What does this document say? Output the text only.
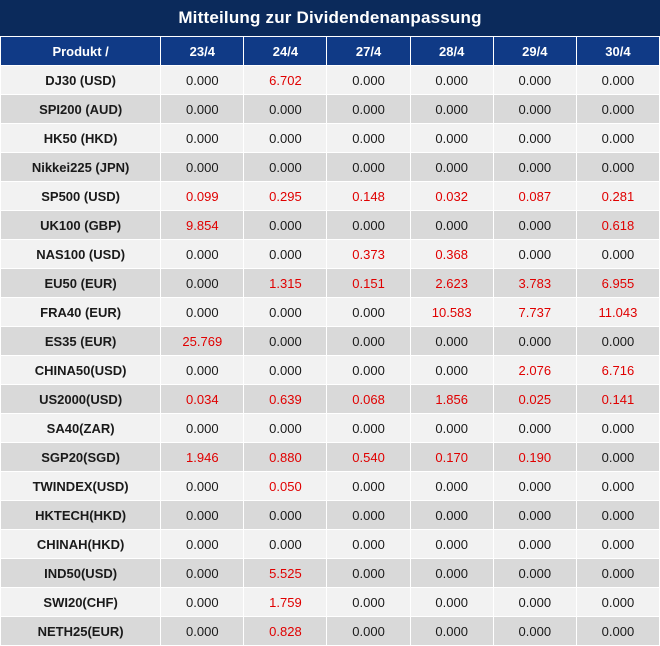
Mitteilung zur Dividendenanpassung
Produkt /	23/4	24/4	27/4	28/4	29/4	30/4
DJ30 (USD)	0.000	6.702	0.000	0.000	0.000	0.000
SPI200 (AUD)	0.000	0.000	0.000	0.000	0.000	0.000
HK50 (HKD)	0.000	0.000	0.000	0.000	0.000	0.000
Nikkei225 (JPN)	0.000	0.000	0.000	0.000	0.000	0.000
SP500 (USD)	0.099	0.295	0.148	0.032	0.087	0.281
UK100 (GBP)	9.854	0.000	0.000	0.000	0.000	0.618
NAS100 (USD)	0.000	0.000	0.373	0.368	0.000	0.000
EU50 (EUR)	0.000	1.315	0.151	2.623	3.783	6.955
FRA40 (EUR)	0.000	0.000	0.000	10.583	7.737	11.043
ES35 (EUR)	25.769	0.000	0.000	0.000	0.000	0.000
CHINA50(USD)	0.000	0.000	0.000	0.000	2.076	6.716
US2000(USD)	0.034	0.639	0.068	1.856	0.025	0.141
SA40(ZAR)	0.000	0.000	0.000	0.000	0.000	0.000
SGP20(SGD)	1.946	0.880	0.540	0.170	0.190	0.000
TWINDEX(USD)	0.000	0.050	0.000	0.000	0.000	0.000
HKTECH(HKD)	0.000	0.000	0.000	0.000	0.000	0.000
CHINAH(HKD)	0.000	0.000	0.000	0.000	0.000	0.000
IND50(USD)	0.000	5.525	0.000	0.000	0.000	0.000
SWI20(CHF)	0.000	1.759	0.000	0.000	0.000	0.000
NETH25(EUR)	0.000	0.828	0.000	0.000	0.000	0.000
